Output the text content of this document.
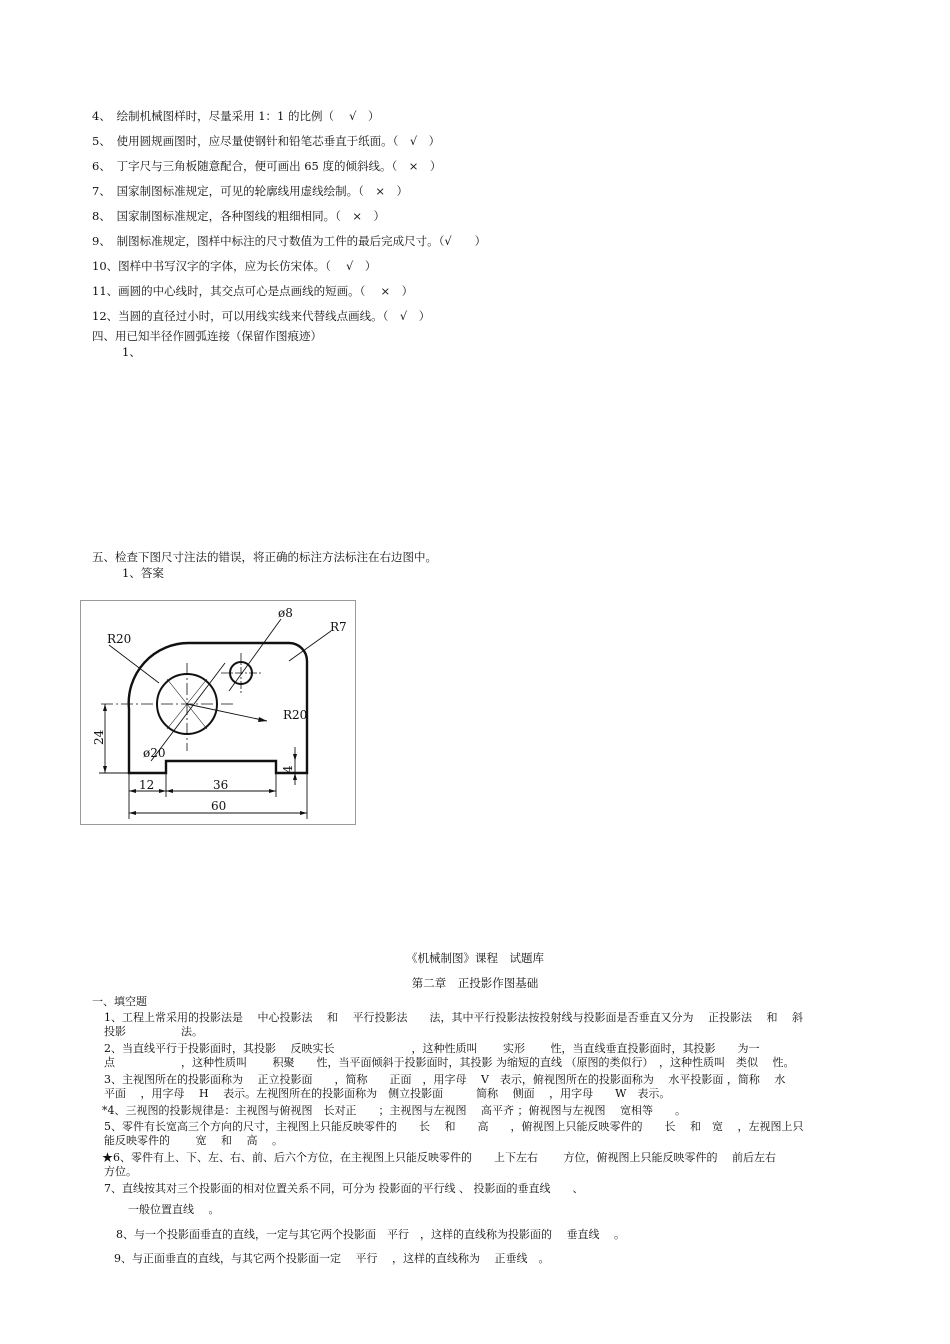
4、　绘制机械图样时，尽量采用 1：1 的比例（　 √　）
5、　使用圆规画图时，应尽量使钢针和铅笔芯垂直于纸面。（　√　）
6、　丁字尺与三角板随意配合，便可画出 65 度的倾斜线。（　×　）
7、　国家制图标准规定，可见的轮廓线用虚线绘制。（　×　）
8、　国家制图标准规定，各种图线的粗细相同。（　×　）
9、　制图标准规定，图样中标注的尺寸数值为工件的最后完成尺寸。（√　　）
10、图样中书写汉字的字体，应为长仿宋体。（　 √　）
11、画圆的中心线时，其交点可心是点画线的短画。（　 ×　）
12、当圆的直径过小时，可以用线实线来代替线点画线。（　√　）
四、用已知半径作圆弧连接（保留作图痕迹）
1、
五、检查下图尺寸注法的错误，将正确的标注方法标注在右边图中。
1、答案
R20
ø8
R7
R20
24
ø20
4
12	36
60
《机械制图》课程　试题库
第二章　正投影作图基础
一、填空题
1、工程上常采用的投影法是　 中心投影法　 和　 平行投影法　　法，其中平行投影法按投射线与投影面是否垂直又分为　 正投影法　 和　 斜
投影　　　　　法。
2、当直线平行于投影面时，其投影　 反映实长　　　　　　　，这种性质叫　　 实形　　 性，当直线垂直投影面时，其投影　　为一
点　　　　　　，这种性质叫　　 积聚　　性，当平面倾斜于投影面时，其投影 为缩短的直线 （原图的类似行）　，这种性质叫　类似　 性。
3、主视图所在的投影面称为　 正立投影面　　，简称　　正面　，用字母　 V　表示，俯视图所在的投影面称为　 水平投影面 ，简称　 水
平面　 ，用字母　 H　 表示。左视图所在的投影面称为　侧立投影面　　　简称　 侧面　 ，用字母　　W　表示。
*4、三视图的投影规律是：主视图与俯视图　长对正　　；主视图与左视图　 高平齐 ；俯视图与左视图　 宽相等　　。
5、零件有长宽高三个方向的尺寸，主视图上只能反映零件的　　长　 和　　高　　，俯视图上只能反映零件的　　长　 和　宽　 ，左视图上只
能反映零件的　　 宽　 和　 高　 。
★6、零件有上、下、左、右、前、后六个方位，在主视图上只能反映零件的　　上下左右　　 方位，俯视图上只能反映零件的　 前后左右
方位。
7、直线按其对三个投影面的相对位置关系不同，可分为 投影面的平行线 、 投影面的垂直线　　、
一般位置直线　 。
8、与一个投影面垂直的直线，一定与其它两个投影面　平行　，这样的直线称为投影面的　 垂直线　 。
9、与正面垂直的直线，与其它两个投影面一定　 平行　 ，这样的直线称为　 正垂线　。
